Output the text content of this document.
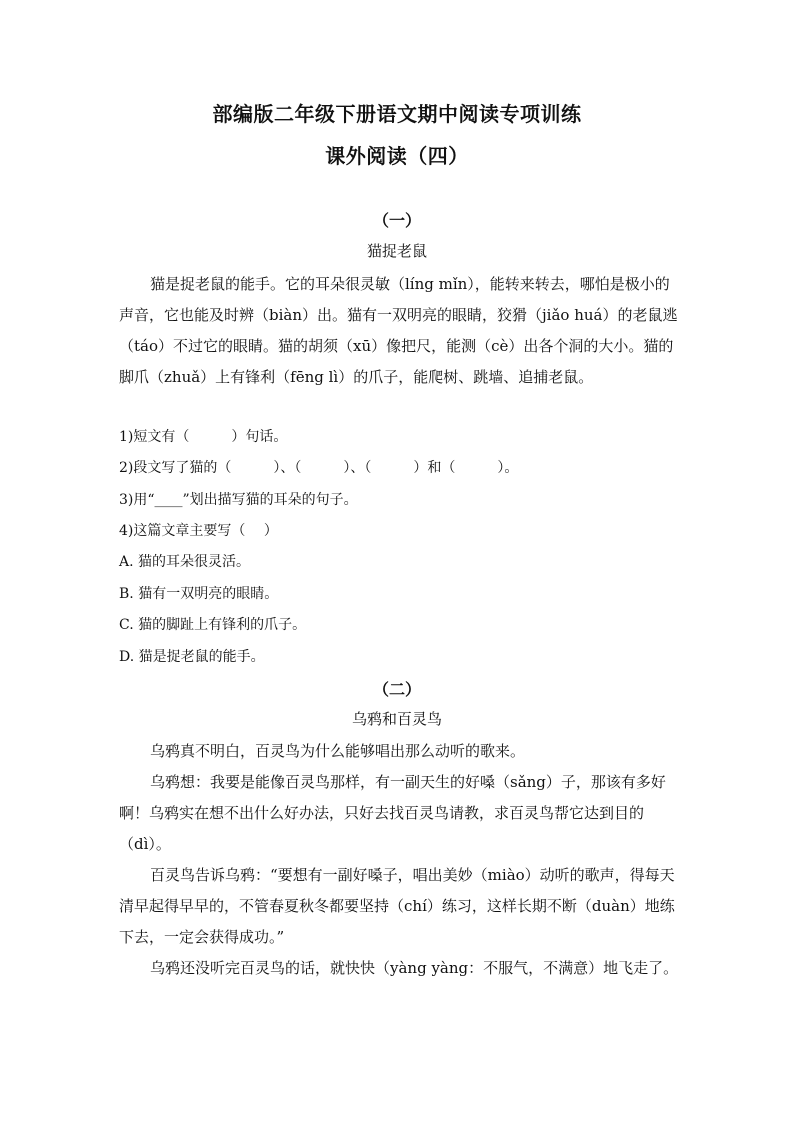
部编版二年级下册语文期中阅读专项训练
课外阅读（四）
（一）
猫捉老鼠

猫是捉老鼠的能手。它的耳朵很灵敏（líng mǐn），能转来转去，哪怕是极小的声音，它也能及时辨（biàn）出。猫有一双明亮的眼睛，狡猾（jiǎo huá）的老鼠逃（táo）不过它的眼睛。猫的胡须（xū）像把尺，能测（cè）出各个洞的大小。猫的脚爪（zhuǎ）上有锋利（fēng lì）的爪子，能爬树、跳墙、追捕老鼠。

1)短文有（　　　）句话。
2)段文写了猫的（　　　）、（　　　）、（　　　）和（　　　）。
3)用“____”划出描写猫的耳朵的句子。
4)这篇文章主要写（　 ）
A. 猫的耳朵很灵活。
B. 猫有一双明亮的眼睛。
C. 猫的脚趾上有锋利的爪子。
D. 猫是捉老鼠的能手。
（二）
乌鸦和百灵鸟

乌鸦真不明白，百灵鸟为什么能够唱出那么动听的歌来。

乌鸦想：我要是能像百灵鸟那样，有一副天生的好嗓（sǎng）子，那该有多好啊！乌鸦实在想不出什么好办法，只好去找百灵鸟请教，求百灵鸟帮它达到目的（dì）。

百灵鸟告诉乌鸦：“要想有一副好嗓子，唱出美妙（miào）动听的歌声，得每天清早起得早早的，不管春夏秋冬都要坚持（chí）练习，这样长期不断（duàn）地练下去，一定会获得成功。”

乌鸦还没听完百灵鸟的话，就快快（yàng yàng：不服气，不满意）地飞走了。
